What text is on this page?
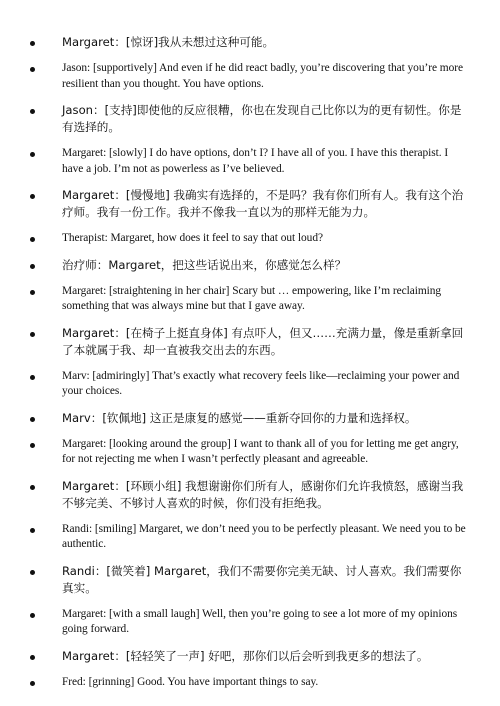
Margaret：[惊讶]我从未想过这种可能。
Jason: [supportively] And even if he did react badly, you’re discovering that you’re more resilient than you thought. You have options.
Jason：[支持]即使他的反应很糟，你也在发现自己比你以为的更有韧性。你是有选择的。
Margaret: [slowly] I do have options, don’t I? I have all of you. I have this therapist. I have a job. I’m not as powerless as I’ve believed.
Margaret：[慢慢地] 我确实有选择的，不是吗？我有你们所有人。我有这个治疗师。我有一份工作。我并不像我一直以为的那样无能为力。
Therapist: Margaret, how does it feel to say that out loud?
治疗师：Margaret，把这些话说出来，你感觉怎么样？
Margaret: [straightening in her chair] Scary but … empowering, like I’m reclaiming something that was always mine but that I gave away.
Margaret：[在椅子上挺直身体] 有点吓人，但又……充满力量，像是重新拿回了本就属于我、却一直被我交出去的东西。
Marv: [admiringly] That’s exactly what recovery feels like—reclaiming your power and your choices.
Marv：[钦佩地] 这正是康复的感觉——重新夺回你的力量和选择权。
Margaret: [looking around the group] I want to thank all of you for letting me get angry, for not rejecting me when I wasn’t perfectly pleasant and agreeable.
Margaret：[环顾小组] 我想谢谢你们所有人，感谢你们允许我愤怒，感谢当我不够完美、不够讨人喜欢的时候，你们没有拒绝我。
Randi: [smiling] Margaret, we don’t need you to be perfectly pleasant. We need you to be authentic.
Randi：[微笑着] Margaret，我们不需要你完美无缺、讨人喜欢。我们需要你真实。
Margaret: [with a small laugh] Well, then you’re going to see a lot more of my opinions going forward.
Margaret：[轻轻笑了一声] 好吧，那你们以后会听到我更多的想法了。
Fred: [grinning] Good. You have important things to say.
